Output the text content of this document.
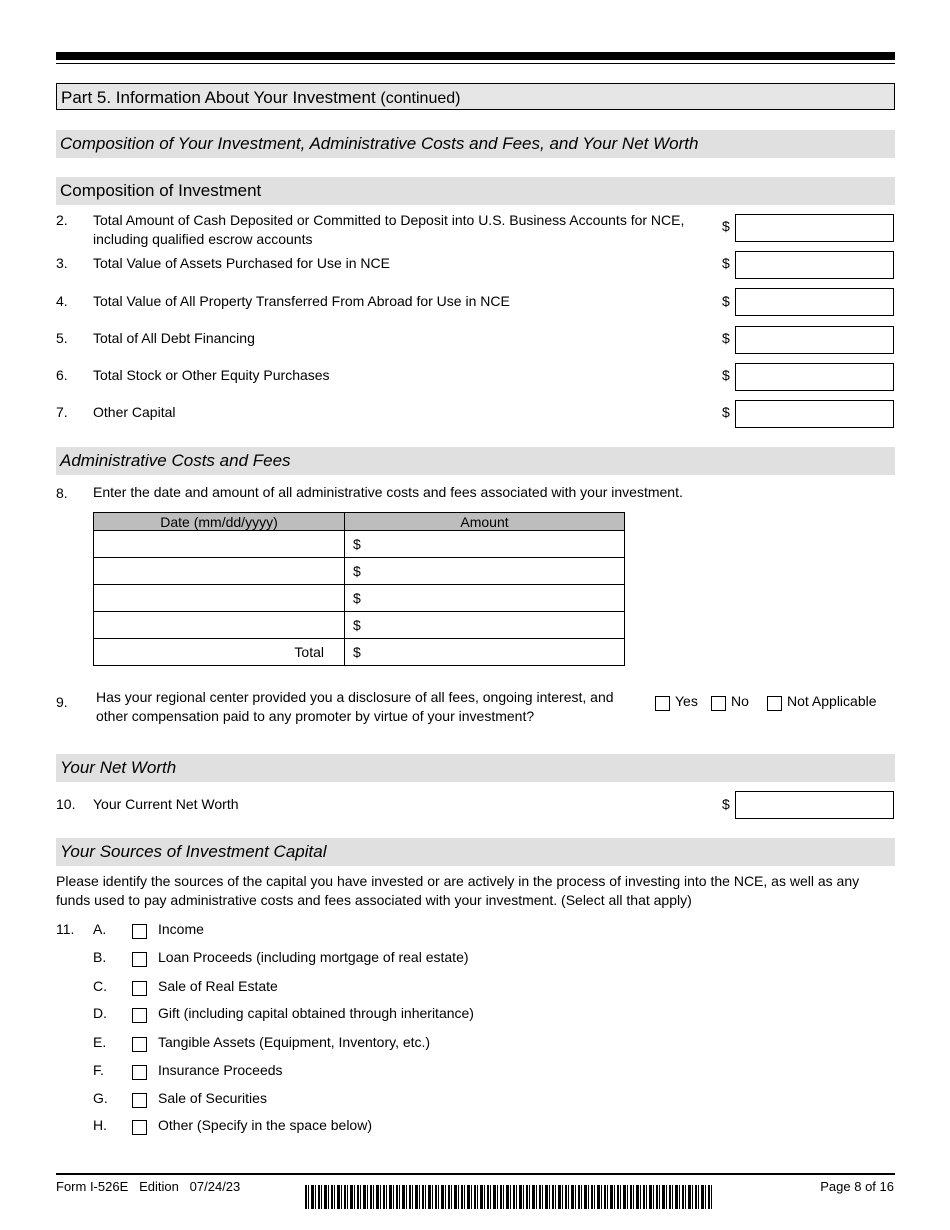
Part 5. Information About Your Investment (continued)
Composition of Your Investment, Administrative Costs and Fees, and Your Net Worth
Composition of Investment
2. Total Amount of Cash Deposited or Committed to Deposit into U.S. Business Accounts for NCE,
including qualified escrow accounts
$
3. Total Value of Assets Purchased for Use in NCE	$
4. Total Value of All Property Transferred From Abroad for Use in NCE	$
5. Total of All Debt Financing	$
6. Total Stock or Other Equity Purchases	$
7. Other Capital	$
Administrative Costs and Fees
8. Enter the date and amount of all administrative costs and fees associated with your investment.
Date (mm/dd/yyyy)	Amount
	$
	$
	$
	$
Total	$
9. Has your regional center provided you a disclosure of all fees, ongoing interest, and
other compensation paid to any promoter by virtue of your investment?
Yes No	Not Applicable
Your Net Worth
10. Your Current Net Worth	$
Your Sources of Investment Capital
Please identify the sources of the capital you have invested or are actively in the process of investing into the NCE, as well as any
funds used to pay administrative costs and fees associated with your investment. (Select all that apply)
11. A.	Income
B.	Loan Proceeds (including mortgage of real estate)
C.	Sale of Real Estate
D.	Gift (including capital obtained through inheritance)
E.	Tangible Assets (Equipment, Inventory, etc.)
F.	Insurance Proceeds
G.	Sale of Securities
H.	Other (Specify in the space below)
Form I-526E   Edition   07/24/23	Page 8 of 16
